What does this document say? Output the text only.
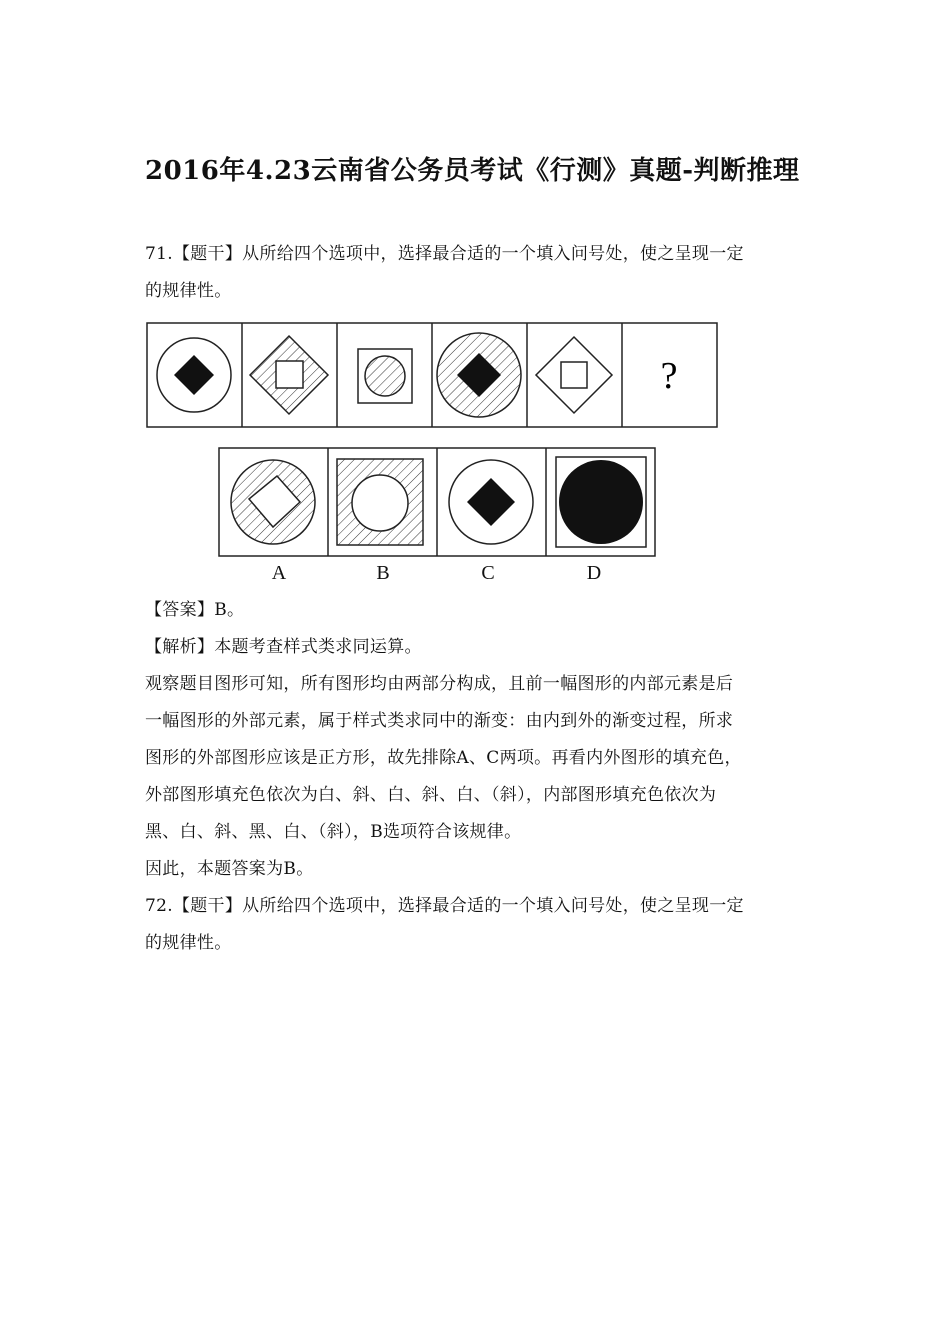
2016年4.23云南省公务员考试《行测》真题-判断推理
71.【题干】从所给四个选项中，选择最合适的一个填入问号处，使之呈现一定
的规律性。
?
A	B	C	D
【答案】B。
【解析】本题考查样式类求同运算。
观察题目图形可知，所有图形均由两部分构成，且前一幅图形的内部元素是后
一幅图形的外部元素，属于样式类求同中的渐变：由内到外的渐变过程，所求
图形的外部图形应该是正方形，故先排除A、C两项。再看内外图形的填充色，
外部图形填充色依次为白、斜、白、斜、白、（斜），内部图形填充色依次为
黑、白、斜、黑、白、（斜），B选项符合该规律。
因此，本题答案为B。
72.【题干】从所给四个选项中，选择最合适的一个填入问号处，使之呈现一定
的规律性。
